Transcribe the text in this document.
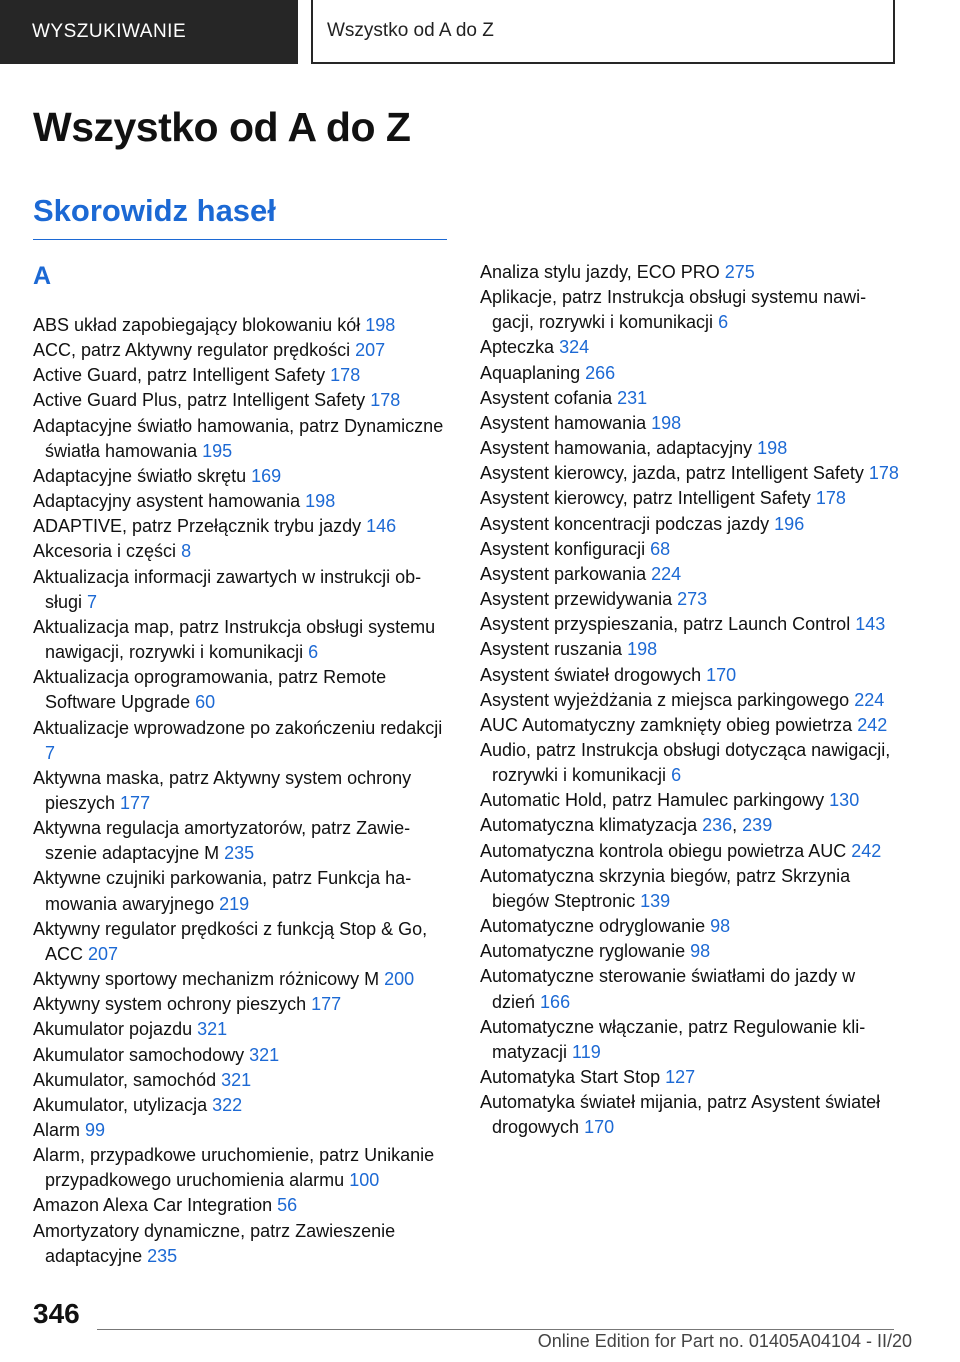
WYSZUKIWANIE	Wszystko od A do Z
Wszystko od A do Z
Skorowidz haseł
A
ABS układ zapobiegający blokowaniu kół 198
ACC, patrz Aktywny regulator prędkości 207
Active Guard, patrz Intelligent Safety 178
Active Guard Plus, patrz Intelligent Safety 178
Adaptacyjne światło hamowania, patrz Dynamiczne światła hamowania 195
Adaptacyjne światło skrętu 169
Adaptacyjny asystent hamowania 198
ADAPTIVE, patrz Przełącznik trybu jazdy 146
Akcesoria i części 8
Aktualizacja informacji zawartych w instrukcji obsługi 7
Aktualizacja map, patrz Instrukcja obsługi systemu nawigacji, rozrywki i komunikacji 6
Aktualizacja oprogramowania, patrz Remote Software Upgrade 60
Aktualizacje wprowadzone po zakończeniu redakcji 7
Aktywna maska, patrz Aktywny system ochrony pieszych 177
Aktywna regulacja amortyzatorów, patrz Zawieszenie adaptacyjne M 235
Aktywne czujniki parkowania, patrz Funkcja hamowania awaryjnego 219
Aktywny regulator prędkości z funkcją Stop & Go, ACC 207
Aktywny sportowy mechanizm różnicowy M 200
Aktywny system ochrony pieszych 177
Akumulator pojazdu 321
Akumulator samochodowy 321
Akumulator, samochód 321
Akumulator, utylizacja 322
Alarm 99
Alarm, przypadkowe uruchomienie, patrz Unikanie przypadkowego uruchomienia alarmu 100
Amazon Alexa Car Integration 56
Amortyzatory dynamiczne, patrz Zawieszenie adaptacyjne 235
Analiza stylu jazdy, ECO PRO 275
Aplikacje, patrz Instrukcja obsługi systemu nawigacji, rozrywki i komunikacji 6
Apteczka 324
Aquaplaning 266
Asystent cofania 231
Asystent hamowania 198
Asystent hamowania, adaptacyjny 198
Asystent kierowcy, jazda, patrz Intelligent Safety 178
Asystent kierowcy, patrz Intelligent Safety 178
Asystent koncentracji podczas jazdy 196
Asystent konfiguracji 68
Asystent parkowania 224
Asystent przewidywania 273
Asystent przyspieszania, patrz Launch Control 143
Asystent ruszania 198
Asystent świateł drogowych 170
Asystent wyjeżdżania z miejsca parkingowego 224
AUC Automatyczny zamknięty obieg powietrza 242
Audio, patrz Instrukcja obsługi dotycząca nawigacji, rozrywki i komunikacji 6
Automatic Hold, patrz Hamulec parkingowy 130
Automatyczna klimatyzacja 236, 239
Automatyczna kontrola obiegu powietrza AUC 242
Automatyczna skrzynia biegów, patrz Skrzynia biegów Steptronic 139
Automatyczne odryglowanie 98
Automatyczne ryglowanie 98
Automatyczne sterowanie światłami do jazdy w dzień 166
Automatyczne włączanie, patrz Regulowanie klimatyzacji 119
Automatyka Start Stop 127
Automatyka świateł mijania, patrz Asystent świateł drogowych 170
346
Online Edition for Part no. 01405A04104 - II/20
